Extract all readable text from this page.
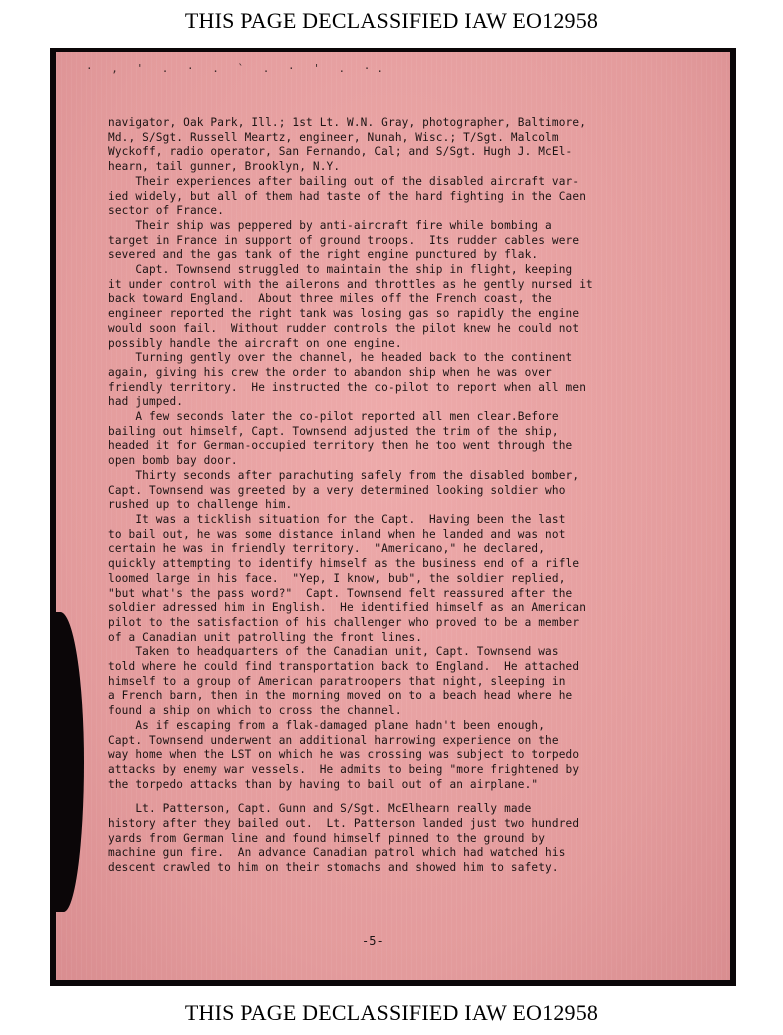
THIS PAGE DECLASSIFIED IAW EO12958
· , ' . · . ` . · ' . ·.
navigator, Oak Park, Ill.; 1st Lt. W.N. Gray, photographer, Baltimore,
Md., S/Sgt. Russell Meartz, engineer, Nunah, Wisc.; T/Sgt. Malcolm
Wyckoff, radio operator, San Fernando, Cal; and S/Sgt. Hugh J. McEl-
hearn, tail gunner, Brooklyn, N.Y.
Their experiences after bailing out of the disabled aircraft var-
ied widely, but all of them had taste of the hard fighting in the Caen
sector of France.
Their ship was peppered by anti-aircraft fire while bombing a
target in France in support of ground troops.  Its rudder cables were
severed and the gas tank of the right engine punctured by flak.
Capt. Townsend struggled to maintain the ship in flight, keeping
it under control with the ailerons and throttles as he gently nursed it
back toward England.  About three miles off the French coast, the
engineer reported the right tank was losing gas so rapidly the engine
would soon fail.  Without rudder controls the pilot knew he could not
possibly handle the aircraft on one engine.
Turning gently over the channel, he headed back to the continent
again, giving his crew the order to abandon ship when he was over
friendly territory.  He instructed the co-pilot to report when all men
had jumped.
A few seconds later the co-pilot reported all men clear.Before
bailing out himself, Capt. Townsend adjusted the trim of the ship,
headed it for German-occupied territory then he too went through the
open bomb bay door.
Thirty seconds after parachuting safely from the disabled bomber,
Capt. Townsend was greeted by a very determined looking soldier who
rushed up to challenge him.
It was a ticklish situation for the Capt.  Having been the last
to bail out, he was some distance inland when he landed and was not
certain he was in friendly territory.  "Americano," he declared,
quickly attempting to identify himself as the business end of a rifle
loomed large in his face.  "Yep, I know, bub", the soldier replied,
"but what's the pass word?"  Capt. Townsend felt reassured after the
soldier adressed him in English.  He identified himself as an American
pilot to the satisfaction of his challenger who proved to be a member
of a Canadian unit patrolling the front lines.
Taken to headquarters of the Canadian unit, Capt. Townsend was
told where he could find transportation back to England.  He attached
himself to a group of American paratroopers that night, sleeping in
a French barn, then in the morning moved on to a beach head where he
found a ship on which to cross the channel.
As if escaping from a flak-damaged plane hadn't been enough,
Capt. Townsend underwent an additional harrowing experience on the
way home when the LST on which he was crossing was subject to torpedo
attacks by enemy war vessels.  He admits to being "more frightened by
the torpedo attacks than by having to bail out of an airplane."
Lt. Patterson, Capt. Gunn and S/Sgt. McElhearn really made
history after they bailed out.  Lt. Patterson landed just two hundred
yards from German line and found himself pinned to the ground by
machine gun fire.  An advance Canadian patrol which had watched his
descent crawled to him on their stomachs and showed him to safety.
-5-
THIS PAGE DECLASSIFIED IAW EO12958
